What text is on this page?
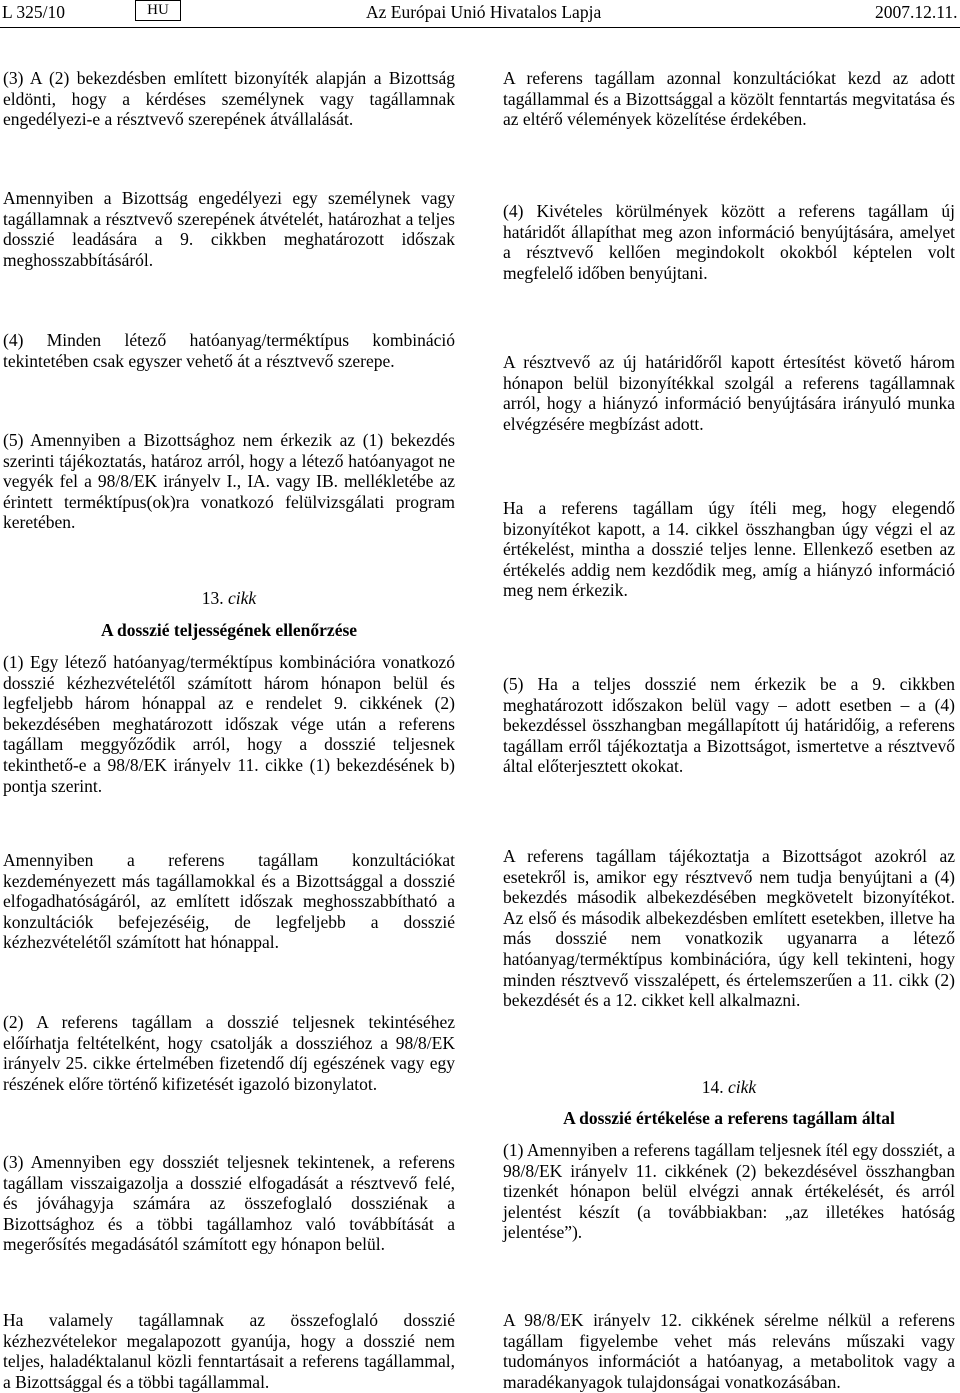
L 325/10	HU	Az Európai Unió Hivatalos Lapja	2007.12.11.

(3) A (2) bekezdésben említett bizonyíték alapján a Bizottság eldönti, hogy a kérdéses személynek vagy tagállamnak engedélyezi-e a résztvevő szerepének átvállalását.

Amennyiben a Bizottság engedélyezi egy személynek vagy tagállamnak a résztvevő szerepének átvételét, határozhat a teljes dosszié leadására a 9. cikkben meghatározott időszak meghosszabbításáról.

(4) Minden létező hatóanyag/terméktípus kombináció tekintetében csak egyszer vehető át a résztvevő szerepe.

(5) Amennyiben a Bizottsághoz nem érkezik az (1) bekezdés szerinti tájékoztatás, határoz arról, hogy a létező hatóanyagot ne vegyék fel a 98/8/EK irányelv I., IA. vagy IB. mellékletébe az érintett terméktípus(ok)ra vonatkozó felülvizsgálati program keretében.

13. cikk
A dosszié teljességének ellenőrzése

(1) Egy létező hatóanyag/terméktípus kombinációra vonatkozó dosszié kézhezvételétől számított három hónapon belül és legfeljebb három hónappal az e rendelet 9. cikkének (2) bekezdésében meghatározott időszak vége után a referens tagállam meggyőződik arról, hogy a dosszié teljesnek tekinthető-e a 98/8/EK irányelv 11. cikke (1) bekezdésének b) pontja szerint.

Amennyiben a referens tagállam konzultációkat kezdeményezett más tagállamokkal és a Bizottsággal a dosszié elfogadhatóságáról, az említett időszak meghosszabbítható a konzultációk befejezéséig, de legfeljebb a dosszié kézhezvételétől számított hat hónappal.

(2) A referens tagállam a dosszié teljesnek tekintéséhez előírhatja feltételként, hogy csatolják a dossziéhoz a 98/8/EK irányelv 25. cikke értelmében fizetendő díj egészének vagy egy részének előre történő kifizetését igazoló bizonylatot.

(3) Amennyiben egy dossziét teljesnek tekintenek, a referens tagállam visszaigazolja a dosszié elfogadását a résztvevő felé, és jóváhagyja számára az összefoglaló dossziénak a Bizottsághoz és a többi tagállamhoz való továbbítását a megerősítés megadásától számított egy hónapon belül.

Ha valamely tagállamnak az összefoglaló dosszié kézhezvételekor megalapozott gyanúja, hogy a dosszié nem teljes, haladéktalanul közli fenntartásait a referens tagállammal, a Bizottsággal és a többi tagállammal.

A referens tagállam azonnal konzultációkat kezd az adott tagállammal és a Bizottsággal a közölt fenntartás megvitatása és az eltérő vélemények közelítése érdekében.

(4) Kivételes körülmények között a referens tagállam új határidőt állapíthat meg azon információ benyújtására, amelyet a résztvevő kellően megindokolt okokból képtelen volt megfelelő időben benyújtani.

A résztvevő az új határidőről kapott értesítést követő három hónapon belül bizonyítékkal szolgál a referens tagállamnak arról, hogy a hiányzó információ benyújtására irányuló munka elvégzésére megbízást adott.

Ha a referens tagállam úgy ítéli meg, hogy elegendő bizonyítékot kapott, a 14. cikkel összhangban úgy végzi el az értékelést, mintha a dosszié teljes lenne. Ellenkező esetben az értékelés addig nem kezdődik meg, amíg a hiányzó információ meg nem érkezik.

(5) Ha a teljes dosszié nem érkezik be a 9. cikkben meghatározott időszakon belül vagy – adott esetben – a (4) bekezdéssel összhangban megállapított új határidőig, a referens tagállam erről tájékoztatja a Bizottságot, ismertetve a résztvevő által előterjesztett okokat.

A referens tagállam tájékoztatja a Bizottságot azokról az esetekről is, amikor egy résztvevő nem tudja benyújtani a (4) bekezdés második albekezdésében megkövetelt bizonyítékot. Az első és második albekezdésben említett esetekben, illetve ha más dosszié nem vonatkozik ugyanarra a létező hatóanyag/terméktípus kombinációra, úgy kell tekinteni, hogy minden résztvevő visszalépett, és értelemszerűen a 11. cikk (2) bekezdését és a 12. cikket kell alkalmazni.

14. cikk
A dosszié értékelése a referens tagállam által

(1) Amennyiben a referens tagállam teljesnek ítél egy dossziét, a 98/8/EK irányelv 11. cikkének (2) bekezdésével összhangban tizenkét hónapon belül elvégzi annak értékelését, és arról jelentést készít (a továbbiakban: „az illetékes hatóság jelentése”).

A 98/8/EK irányelv 12. cikkének sérelme nélkül a referens tagállam figyelembe vehet más releváns műszaki vagy tudományos információt a hatóanyag, a metabolitok vagy a maradékanyagok tulajdonságai vonatkozásában.
